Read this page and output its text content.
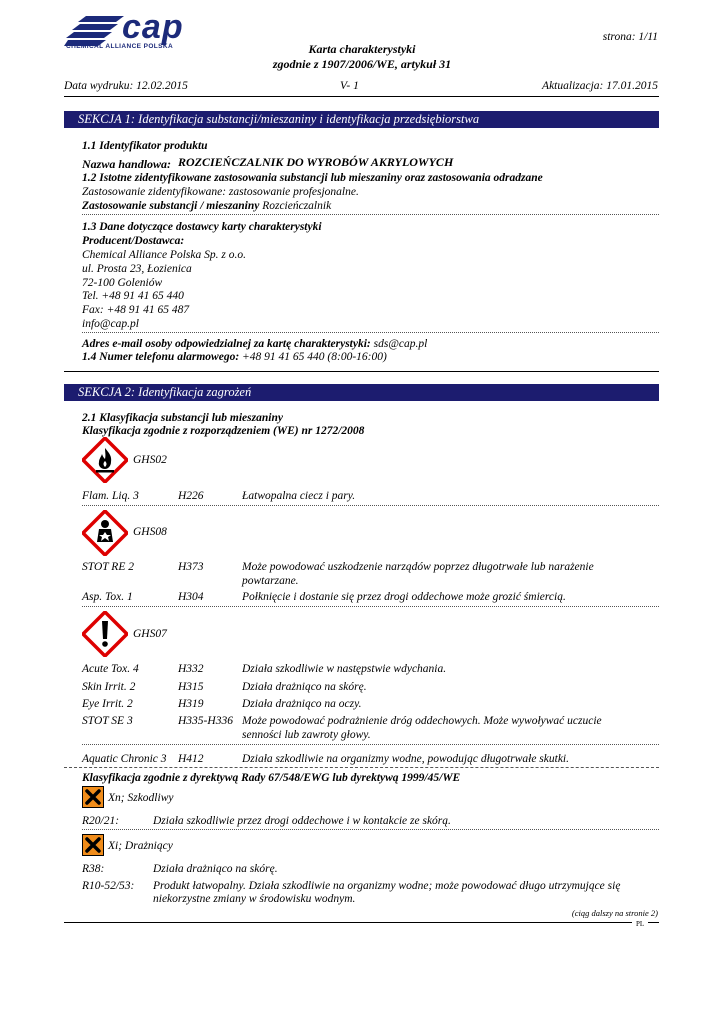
cap
CHEMICAL ALLIANCE POLSKA
strona: 1/11
Karta charakterystyki
zgodnie z 1907/2006/WE, artykuł 31
Data wydruku: 12.02.2015	V- 1	Aktualizacja: 17.01.2015
SEKCJA 1: Identyfikacja substancji/mieszaniny i identyfikacja przedsiębiorstwa
1.1 Identyfikator produktu
Nazwa handlowa: ROZCIEŃCZALNIK DO WYROBÓW AKRYLOWYCH
1.2 Istotne zidentyfikowane zastosowania substancji lub mieszaniny oraz zastosowania odradzane
Zastosowanie zidentyfikowane: zastosowanie profesjonalne.
Zastosowanie substancji / mieszaniny Rozcieńczalnik
1.3 Dane dotyczące dostawcy karty charakterystyki
Producent/Dostawca:
Chemical Alliance Polska Sp. z o.o.
ul. Prosta 23, Łozienica
72-100 Goleniów
Tel. +48 91 41 65 440
Fax: +48 91 41 65 487
info@cap.pl
Adres e-mail osoby odpowiedzialnej za kartę charakterystyki: sds@cap.pl
1.4 Numer telefonu alarmowego: +48 91 41 65 440 (8:00-16:00)
SEKCJA 2: Identyfikacja zagrożeń
2.1 Klasyfikacja substancji lub mieszaniny
Klasyfikacja zgodnie z rozporządzeniem (WE) nr 1272/2008
GHS02
Flam. Liq. 3	H226	Łatwopalna ciecz i pary.
GHS08
STOT RE 2	H373	Może powodować uszkodzenie narządów poprzez długotrwałe lub narażenie
powtarzane.
Asp. Tox. 1	H304	Połknięcie i dostanie się przez drogi oddechowe może grozić śmiercią.
GHS07
Acute Tox. 4	H332	Działa szkodliwie w następstwie wdychania.
Skin Irrit. 2	H315	Działa drażniąco na skórę.
Eye Irrit. 2	H319	Działa drażniąco na oczy.
STOT SE 3	H335-H336 Może powodować podrażnienie dróg oddechowych. Może wywoływać uczucie
senności lub zawroty głowy.
Aquatic Chronic 3 H412	Działa szkodliwie na organizmy wodne, powodując długotrwałe skutki.
Klasyfikacja zgodnie z dyrektywą Rady 67/548/EWG lub dyrektywą 1999/45/WE
Xn; Szkodliwy
R20/21:	Działa szkodliwie przez drogi oddechowe i w kontakcie ze skórą.
Xi; Drażniący
R38:	Działa drażniąco na skórę.
R10-52/53: Produkt łatwopalny. Działa szkodliwie na organizmy wodne; może powodować długo utrzymujące się
niekorzystne zmiany w środowisku wodnym.
(ciąg dalszy na stronie 2)
PL
